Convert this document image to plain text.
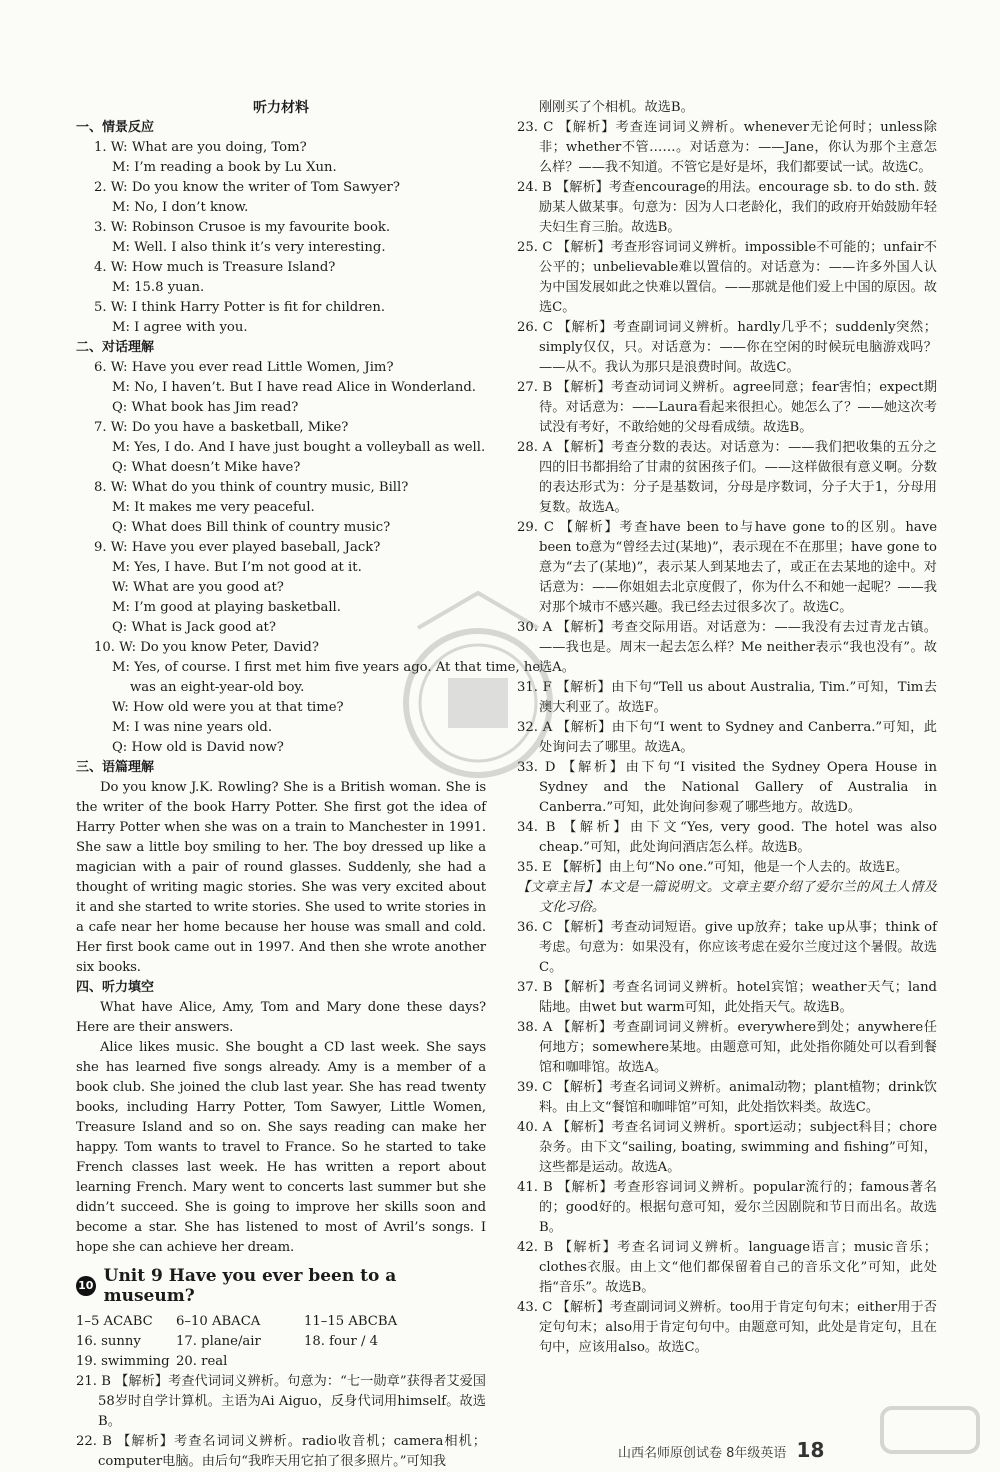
听力材料
一、情景反应
1. W: What are you doing, Tom?
M: I’m reading a book by Lu Xun.
2. W: Do you know the writer of Tom Sawyer?
M: No, I don’t know.
3. W: Robinson Crusoe is my favourite book.
M: Well. I also think it’s very interesting.
4. W: How much is Treasure Island?
M: 15.8 yuan.
5. W: I think Harry Potter is fit for children.
M: I agree with you.
二、对话理解
6. W: Have you ever read Little Women, Jim?
M: No, I haven’t. But I have read Alice in Wonderland.
Q: What book has Jim read?
7. W: Do you have a basketball, Mike?
M: Yes, I do. And I have just bought a volleyball as well.
Q: What doesn’t Mike have?
8. W: What do you think of country music, Bill?
M: It makes me very peaceful.
Q: What does Bill think of country music?
9. W: Have you ever played baseball, Jack?
M: Yes, I have. But I’m not good at it.
W: What are you good at?
M: I’m good at playing basketball.
Q: What is Jack good at?
10. W: Do you know Peter, David?
M: Yes, of course. I first met him five years ago. At that time, he
was an eight-year-old boy.
W: How old were you at that time?
M: I was nine years old.
Q: How old is David now?
三、语篇理解
Do you know J.K. Rowling? She is a British woman. She is the writer of the book Harry Potter. She first got the idea of Harry Potter when she was on a train to Manchester in 1991. She saw a little boy smiling to her. The boy dressed up like a magician with a pair of round glasses. Suddenly, she had a thought of writing magic stories. She was very excited about it and she started to write stories. She used to write stories in a cafe near her home because her house was small and cold. Her first book came out in 1997. And then she wrote another six books.
四、听力填空
What have Alice, Amy, Tom and Mary done these days? Here are their answers.
Alice likes music. She bought a CD last week. She says she has learned five songs already. Amy is a member of a book club. She joined the club last year. She has read twenty books, including Harry Potter, Tom Sawyer, Little Women, Treasure Island and so on. She says reading can make her happy. Tom wants to travel to France. So he started to take French classes last week. He has written a report about learning French. Mary went to concerts last summer but she didn’t succeed. She is going to improve her skills soon and become a star. She has listened to most of Avril’s songs. I hope she can achieve her dream.
10 Unit 9 Have you ever been to a museum?
1–5 ACABC	6–10 ABACA	11–15 ABCBA
16. sunny	17. plane/air	18. four / 4
19. swimming 20. real
21. B 【解析】考查代词词义辨析。句意为：“七一勋章”获得者艾爱国58岁时自学计算机。主语为Ai Aiguo，反身代词用himself。故选B。
22. B 【解析】考查名词词义辨析。radio收音机；camera相机；computer电脑。由后句“我昨天用它拍了很多照片。”可知我
刚刚买了个相机。故选B。
23. C 【解析】考查连词词义辨析。whenever无论何时；unless除非；whether不管……。对话意为：——Jane，你认为那个主意怎么样？——我不知道。不管它是好是坏，我们都要试一试。故选C。
24. B 【解析】考查encourage的用法。encourage sb. to do sth. 鼓励某人做某事。句意为：因为人口老龄化，我们的政府开始鼓励年轻夫妇生育三胎。故选B。
25. C 【解析】考查形容词词义辨析。impossible不可能的；unfair不公平的；unbelievable难以置信的。对话意为：——许多外国人认为中国发展如此之快难以置信。——那就是他们爱上中国的原因。故选C。
26. C 【解析】考查副词词义辨析。hardly几乎不；suddenly突然；simply仅仅，只。对话意为：——你在空闲的时候玩电脑游戏吗？——从不。我认为那只是浪费时间。故选C。
27. B 【解析】考查动词词义辨析。agree同意；fear害怕；expect期待。对话意为：——Laura看起来很担心。她怎么了？——她这次考试没有考好，不敢给她的父母看成绩。故选B。
28. A 【解析】考查分数的表达。对话意为：——我们把收集的五分之四的旧书都捐给了甘肃的贫困孩子们。——这样做很有意义啊。分数的表达形式为：分子是基数词，分母是序数词，分子大于1，分母用复数。故选A。
29. C 【解析】考查have been to与have gone to的区别。have been to意为“曾经去过(某地)”，表示现在不在那里；have gone to意为“去了(某地)”，表示某人到某地去了，或正在去某地的途中。对话意为：——你姐姐去北京度假了，你为什么不和她一起呢？——我对那个城市不感兴趣。我已经去过很多次了。故选C。
30. A 【解析】考查交际用语。对话意为：——我没有去过青龙古镇。——我也是。周末一起去怎么样？Me neither表示“我也没有”。故选A。
31. F 【解析】由下句“Tell us about Australia, Tim.”可知，Tim去澳大利亚了。故选F。
32. A 【解析】由下句“I went to Sydney and Canberra.”可知，此处询问去了哪里。故选A。
33. D 【解析】由下句“I visited the Sydney Opera House in Sydney and the National Gallery of Australia in Canberra.”可知，此处询问参观了哪些地方。故选D。
34. B 【解析】由下文“Yes, very good. The hotel was also cheap.”可知，此处询问酒店怎么样。故选B。
35. E 【解析】由上句“No one.”可知，他是一个人去的。故选E。
【文章主旨】本文是一篇说明文。文章主要介绍了爱尔兰的风土人情及文化习俗。
36. C 【解析】考查动词短语。give up放弃；take up从事；think of考虑。句意为：如果没有，你应该考虑在爱尔兰度过这个暑假。故选C。
37. B 【解析】考查名词词义辨析。hotel宾馆；weather天气；land陆地。由wet but warm可知，此处指天气。故选B。
38. A 【解析】考查副词词义辨析。everywhere到处；anywhere任何地方；somewhere某地。由题意可知，此处指你随处可以看到餐馆和咖啡馆。故选A。
39. C 【解析】考查名词词义辨析。animal动物；plant植物；drink饮料。由上文“餐馆和咖啡馆”可知，此处指饮料类。故选C。
40. A 【解析】考查名词词义辨析。sport运动；subject科目；chore杂务。由下文“sailing, boating, swimming and fishing”可知，这些都是运动。故选A。
41. B 【解析】考查形容词词义辨析。popular流行的；famous著名的；good好的。根据句意可知，爱尔兰因剧院和节日而出名。故选B。
42. B 【解析】考查名词词义辨析。language语言；music音乐；clothes衣服。由上文“他们都保留着自己的音乐文化”可知，此处指“音乐”。故选B。
43. C 【解析】考查副词词义辨析。too用于肯定句句末；either用于否定句句末；also用于肯定句句中。由题意可知，此处是肯定句，且在句中，应该用also。故选C。
山西名师原创试卷 8年级英语 18
